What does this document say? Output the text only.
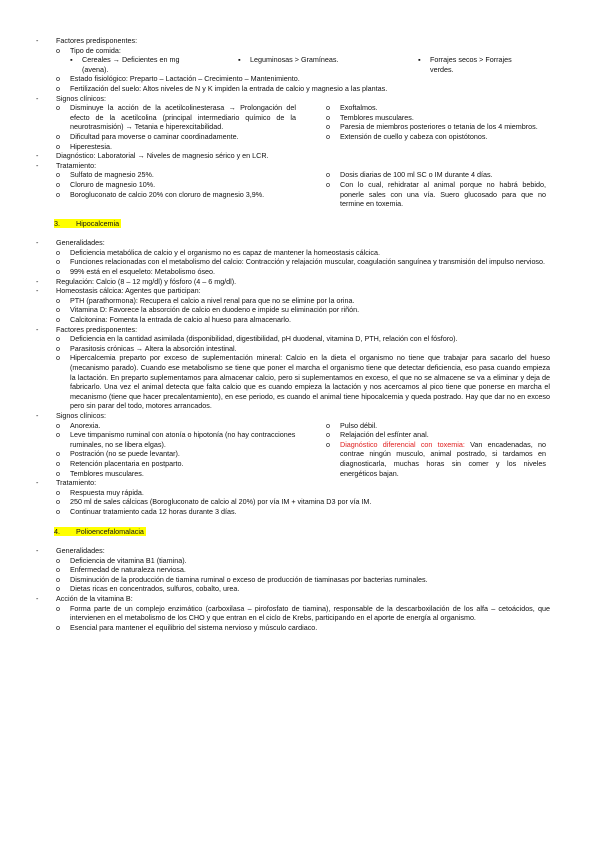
-	Factores predisponentes:
o	Tipo de comida:
▪	Cereales → Deficientes en mg (avena).
▪	Leguminosas > Gramíneas.	▪	Forrajes secos > Forrajes verdes.
o	Estado fisiológico: Preparto – Lactación – Crecimiento – Mantenimiento.
o	Fertilización del suelo: Altos niveles de N y K impiden la entrada de calcio y magnesio a las plantas.
-	Signos clínicos:
o	Disminuye la acción de la acetilcolinesterasa → Prolongación del efecto de la acetilcolina (principal intermediario químico de la neurotrasmisión) → Tetania e hiperexcitabilidad.
o	Dificultad para moverse o caminar coordinadamente.
o	Hiperestesia.
o	Exoftalmos.
o	Temblores musculares.
o	Paresia de miembros posteriores o tetania de los 4 miembros.
o	Extensión de cuello y cabeza con opistótonos.
-	Diagnóstico: Laboratorial → Niveles de magnesio sérico y en LCR.
-	Tratamiento:
o	Sulfato de magnesio 25%.
o	Cloruro de magnesio 10%.
o	Borogluconato de calcio 20% con cloruro de magnesio 3,9%.
o	Dosis diarias de 100 ml SC o IM durante 4 días.
o	Con lo cual, rehidratar al animal porque no habrá bebido, ponerle sales con una vía. Suero glucosado para que no termine en toxemia.
3.	Hipocalcemia
-	Generalidades:
o	Deficiencia metabólica de calcio y el organismo no es capaz de mantener la homeostasis cálcica.
o	Funciones relacionadas con el metabolismo del calcio: Contracción y relajación muscular, coagulación sanguínea y transmisión del impulso nervioso.
o	99% está en el esqueleto: Metabolismo óseo.
-	Regulación: Calcio (8 – 12 mg/dl) y fósforo (4 – 6 mg/dl).
-	Homeostasis cálcica: Agentes que participan:
o	PTH (parathormona): Recupera el calcio a nivel renal para que no se elimine por la orina.
o	Vitamina D: Favorece la absorción de calcio en duodeno e impide su eliminación por riñón.
o	Calcitonina: Fomenta la entrada de calcio al hueso para almacenarlo.
-	Factores predisponentes:
o	Deficiencia en la cantidad asimilada (disponibilidad, digestibilidad, pH duodenal, vitamina D, PTH, relación con el fósforo).
o	Parasitosis crónicas → Altera la absorción intestinal.
o	Hipercalcemia preparto por exceso de suplementación mineral: Calcio en la dieta el organismo no tiene que trabajar para sacarlo del hueso (mecanismo parado). Cuando ese metabolismo se tiene que poner el marcha el organismo tiene que detectar deficiencia, eso pasa cuando empieza la lactación. En preparto suplementamos para almacenar calcio, pero si suplementamos en exceso, el que no se almacene se va a eliminar y deja de fabricarlo. Una vez el animal detecta que falta calcio que es cuando empieza la lactación y nos acercamos al pico tiene que ponerse en marcha el mecanismo (tiene que hacer precalentamiento), en ese periodo, es cuando el animal tiene hipocalcemia y queda postrado. Hay que dar no en exceso pero sin parar del todo, motores arrancados.
-	Signos clínicos:
o	Anorexia.
o	Leve timpanismo ruminal con atonía o hipotonía (no hay contracciones ruminales, no se libera elgas).
o	Postración (no se puede levantar).
o	Retención placentaria en postparto.
o	Temblores musculares.
o	Pulso débil.
o	Relajación del esfínter anal.
o	Diagnóstico diferencial con toxemia: Van encadenadas, no contrae ningún musculo, animal postrado, si tardamos en diagnosticarla, muchas horas sin comer y los niveles energéticos bajan.
-	Tratamiento:
o	Respuesta muy rápida.
o	250 ml de sales cálcicas (Borogluconato de calcio al 20%) por vía IM + vitamina D3 por vía IM.
o	Continuar tratamiento cada 12 horas durante 3 días.
4.	Polioencefalomalacia
-	Generalidades:
o	Deficiencia de vitamina B1 (tiamina).
o	Enfermedad de naturaleza nerviosa.
o	Disminución de la producción de tiamina ruminal o exceso de producción de tiaminasas por bacterias ruminales.
o	Dietas ricas en concentrados, sulfuros, cobalto, urea.
-	Acción de la vitamina B:
o	Forma parte de un complejo enzimático (carboxilasa – pirofosfato de tiamina), responsable de la descarboxilación de los alfa – cetoácidos, que intervienen en el metabolismo de los CHO y que entran en el ciclo de Krebs, participando en el aporte de energía al organismo.
o	Esencial para mantener el equilibrio del sistema nervioso y músculo cardiaco.
